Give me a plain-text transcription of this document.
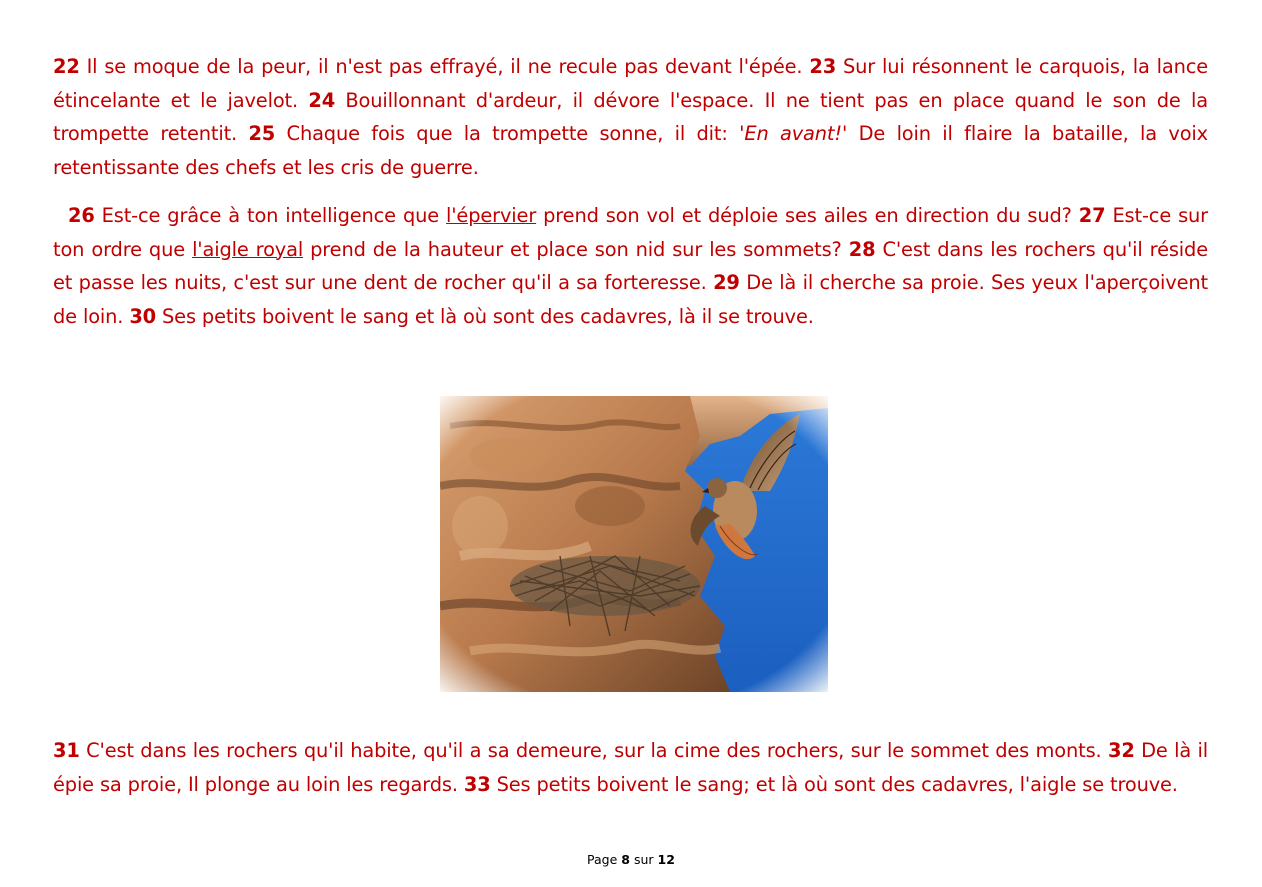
22 Il se moque de la peur, il n'est pas effrayé, il ne recule pas devant l'épée. 23 Sur lui résonnent le carquois, la lance étincelante et le javelot. 24 Bouillonnant d'ardeur, il dévore l'espace. Il ne tient pas en place quand le son de la trompette retentit. 25 Chaque fois que la trompette sonne, il dit: 'En avant!' De loin il flaire la bataille, la voix retentissante des chefs et les cris de guerre.

26 Est-ce grâce à ton intelligence que l'épervier prend son vol et déploie ses ailes en direction du sud? 27 Est-ce sur ton ordre que l'aigle royal prend de la hauteur et place son nid sur les sommets? 28 C'est dans les rochers qu'il réside et passe les nuits, c'est sur une dent de rocher qu'il a sa forteresse. 29 De là il cherche sa proie. Ses yeux l'aperçoivent de loin. 30 Ses petits boivent le sang et là où sont des cadavres, là il se trouve.

31 C'est dans les rochers qu'il habite, qu'il a sa demeure, sur la cime des rochers, sur le sommet des monts. 32 De là il épie sa proie, Il plonge au loin les regards. 33 Ses petits boivent le sang; et là où sont des cadavres, l'aigle se trouve.

Page 8 sur 12
